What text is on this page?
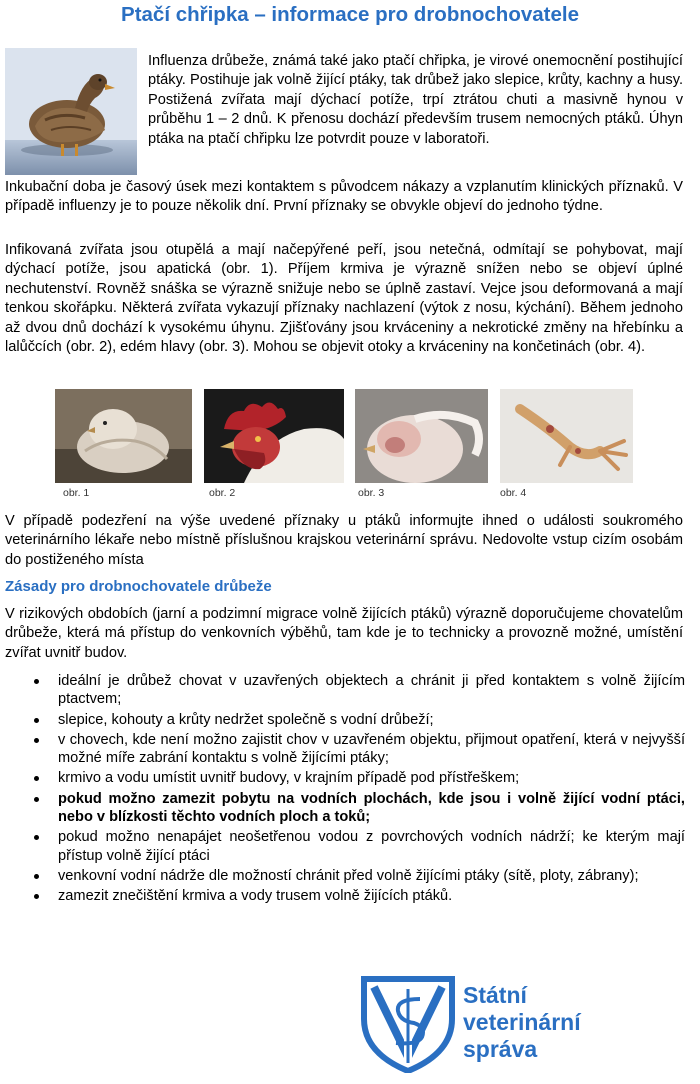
Ptačí chřipka – informace pro drobnochovatele

Influenza drůbeže, známá také jako ptačí chřipka, je virové onemocnění postihující ptáky. Postihuje jak volně žijící ptáky, tak drůbež jako slepice, krůty, kachny a husy. Postižená zvířata mají dýchací potíže, trpí ztrátou chuti a masivně hynou v průběhu 1 – 2 dnů. K přenosu dochází především trusem nemocných ptáků. Úhyn ptáka na ptačí chřipku lze potvrdit pouze v laboratoři.

Inkubační doba je časový úsek mezi kontaktem s původcem nákazy a vzplanutím klinických příznaků. V případě influenzy je to pouze několik dní. První příznaky se obvykle objeví do jednoho týdne.

Infikovaná zvířata jsou otupělá a mají načepýřené peří, jsou netečná, odmítají se pohybovat, mají dýchací potíže, jsou apatická (obr. 1). Příjem krmiva je výrazně snížen nebo se objeví úplné nechutenství. Rovněž snáška se výrazně snižuje nebo se úplně zastaví. Vejce jsou deformovaná a mají tenkou skořápku. Některá zvířata vykazují příznaky nachlazení (výtok z nosu, kýchání). Během jednoho až dvou dnů dochází k vysokému úhynu. Zjišťovány jsou krváceniny a nekrotické změny na hřebínku a lalůčcích (obr. 2), edém hlavy (obr. 3). Mohou se objevit otoky a krváceniny na končetinách (obr. 4).

obr. 1	obr. 2	obr. 3	obr. 4

V případě podezření na výše uvedené příznaky u ptáků informujte ihned o události soukromého veterinárního lékaře nebo místně příslušnou krajskou veterinární správu. Nedovolte vstup cizím osobám do postiženého místa

Zásady pro drobnochovatele drůbeže

V rizikových obdobích (jarní a podzimní migrace volně žijících ptáků) výrazně doporučujeme chovatelům drůbeže, která má přístup do venkovních výběhů, tam kde je to technicky a provozně možné, umístění zvířat uvnitř budov.

ideální je drůbež chovat v uzavřených objektech a chránit ji před kontaktem s volně žijícím ptactvem;
slepice, kohouty a krůty nedržet společně s vodní drůbeží;
v chovech, kde není možno zajistit chov v uzavřeném objektu, přijmout opatření, která v nejvyšší možné míře zabrání kontaktu s volně žijícími ptáky;
krmivo a vodu umístit uvnitř budovy, v krajním případě pod přístřeškem;
pokud možno zamezit pobytu na vodních plochách, kde jsou i volně žijící vodní ptáci, nebo v blízkosti těchto vodních ploch a toků;
pokud možno nenapájet neošetřenou vodou z povrchových vodních nádrží; ke kterým mají přístup volně žijící ptáci
venkovní vodní nádrže dle možností chránit před volně žijícími ptáky (sítě, ploty, zábrany);
zamezit znečištění krmiva a vody trusem volně žijících ptáků.
Státní
veterinární
správa
